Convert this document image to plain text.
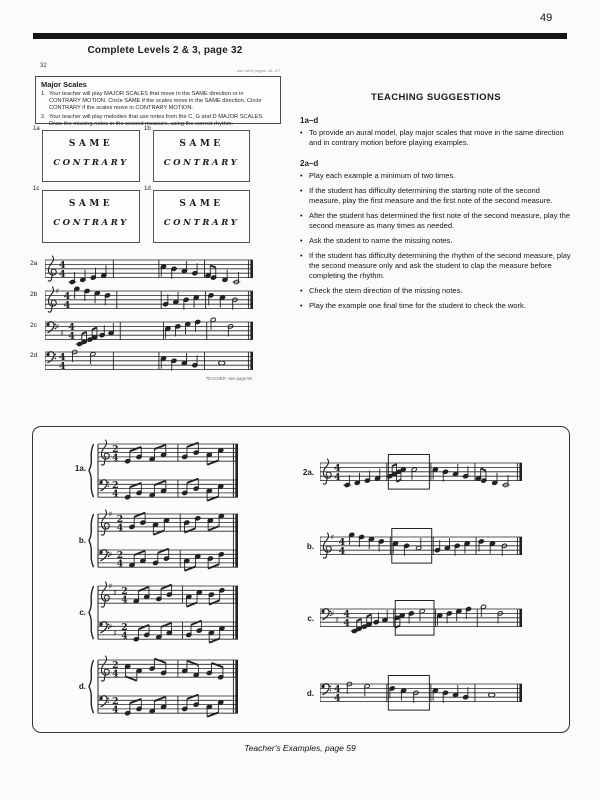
49
Complete Levels 2 & 3, page 32
32
use with pages 46, 47
Major Scales
1. Your teacher will play MAJOR SCALES that move in the SAME direction or in CONTRARY MOTION. Circle SAME if the scales move in the SAME direction. Circle CONTRARY if the scales move in CONTRARY MOTION.
2. Your teacher will play melodies that use notes from the C, G and D MAJOR SCALES. Draw the missing notes in the second measure, using the correct rhythm.
1a
SAME
CONTRARY
1b
SAME
CONTRARY
1c
SAME
CONTRARY
1d
SAME
CONTRARY
2a 4
4
2b ♯
4
4
2c	♯
♯ 4
4
2d 4
4
TEACHER: See page 59.
TEACHING SUGGESTIONS
1a–d
• To provide an aural model, play major scales that move in the same direction and in contrary motion before playing examples.
2a–d
• Play each example a minimum of two times.
• If the student has difficulty determining the starting note of the second measure, play the first measure and the first note of the second measure.
• After the student has determined the first note of the second measure, play the second measure as many times as needed.
• Ask the student to name the missing notes.
• If the student has difficulty determining the rhythm of the second measure, play the second measure only and ask the student to clap the measure before completing the rhythm.
• Check the stem direction of the missing notes.
• Play the example one final time for the student to check the work.
1a.
2
4
2
4
b.
♯ 2
4
♯ 2
4
c.
♯
♯ 2
4
♯
♯ 2
4
d.
2
4
2
4
2a. 4
4
b.
♯
4
4
c.
♯
♯ 4
4
d. 4
4
Teacher's Examples, page 59
